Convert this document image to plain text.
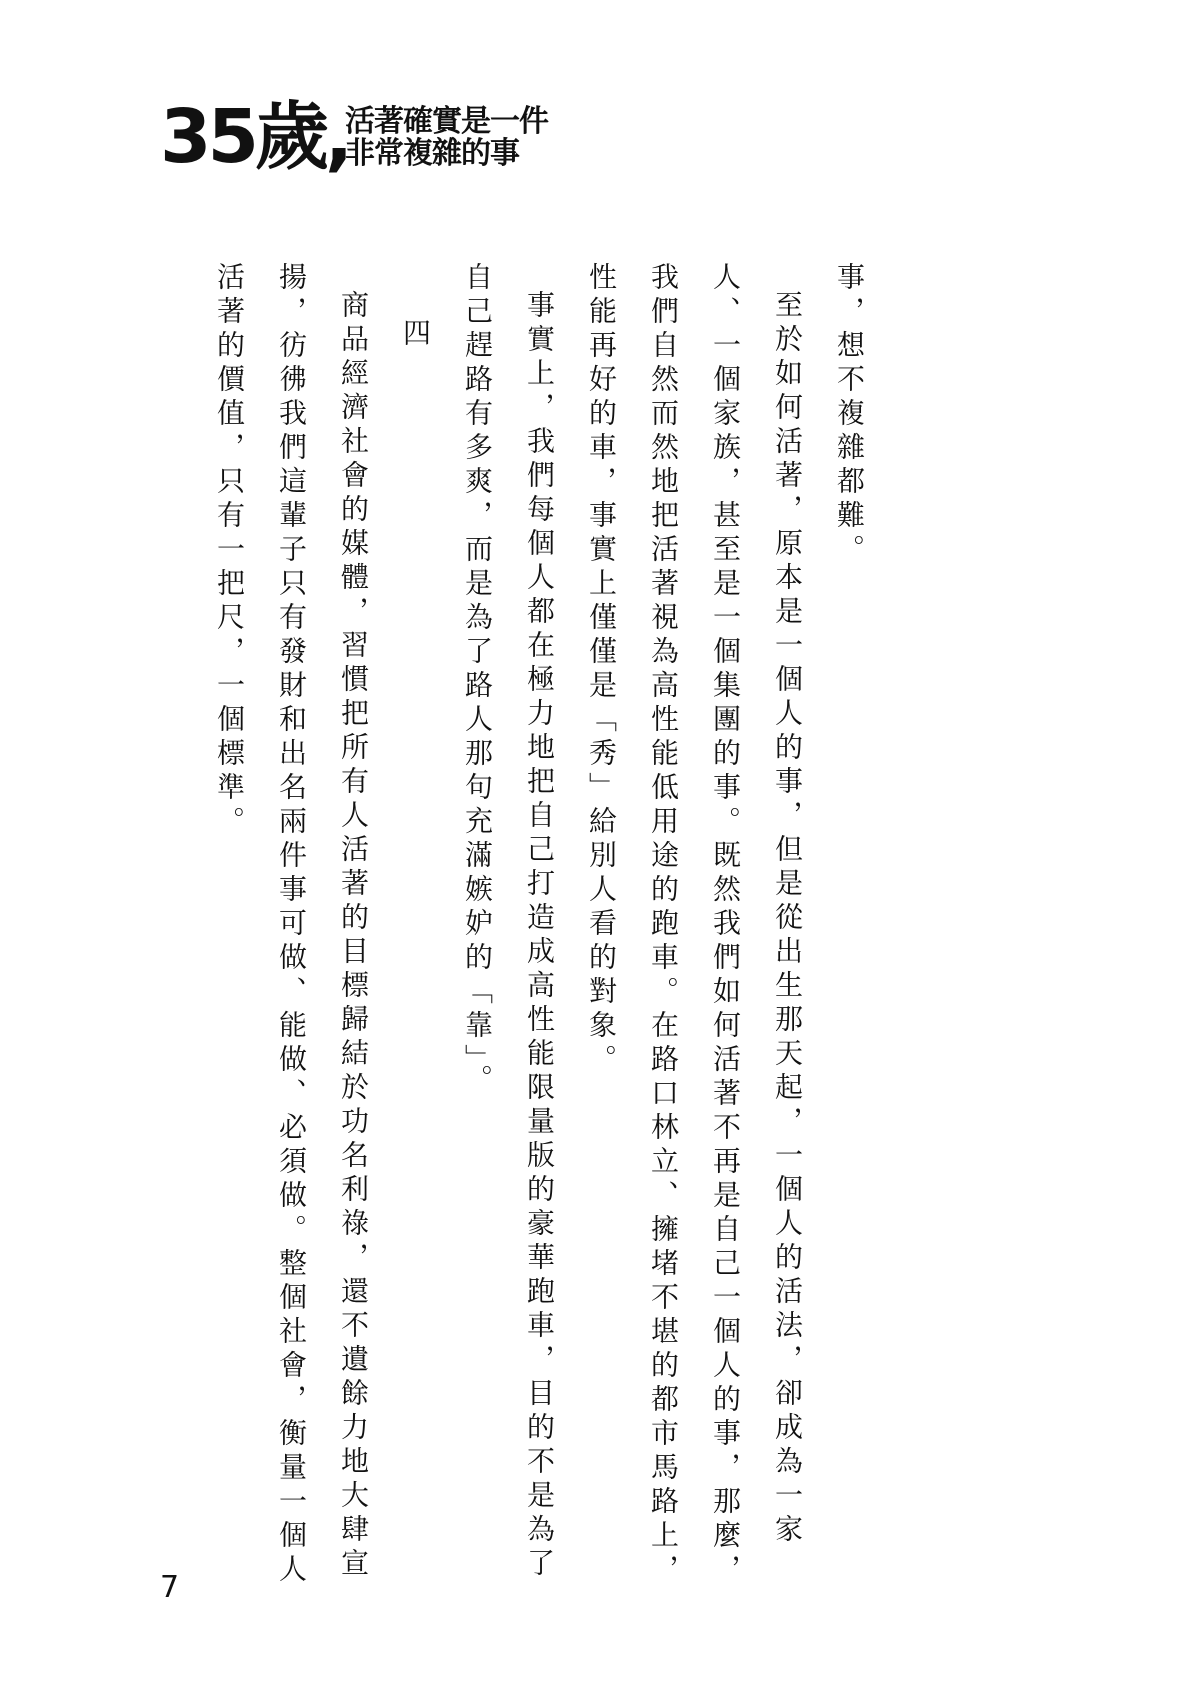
35歲,
活著確實是一件
非常複雜的事

事，想不複雜都難。

至於如何活著，原本是一個人的事，但是從出生那天起，一個人的活法，卻成為一家人、一個家族，甚至是一個集團的事。既然我們如何活著不再是自己一個人的事，那麼，我們自然而然地把活著視為高性能低用途的跑車。在路口林立、擁堵不堪的都市馬路上，性能再好的車，事實上僅僅是「秀」給別人看的對象。

事實上，我們每個人都在極力地把自己打造成高性能限量版的豪華跑車，目的不是為了自己趕路有多爽，而是為了路人那句充滿嫉妒的「靠」。

四

商品經濟社會的媒體，習慣把所有人活著的目標歸結於功名利祿，還不遺餘力地大肆宣揚，彷彿我們這輩子只有發財和出名兩件事可做、能做、必須做。整個社會，衡量一個人活著的價值，只有一把尺，一個標準。

7
